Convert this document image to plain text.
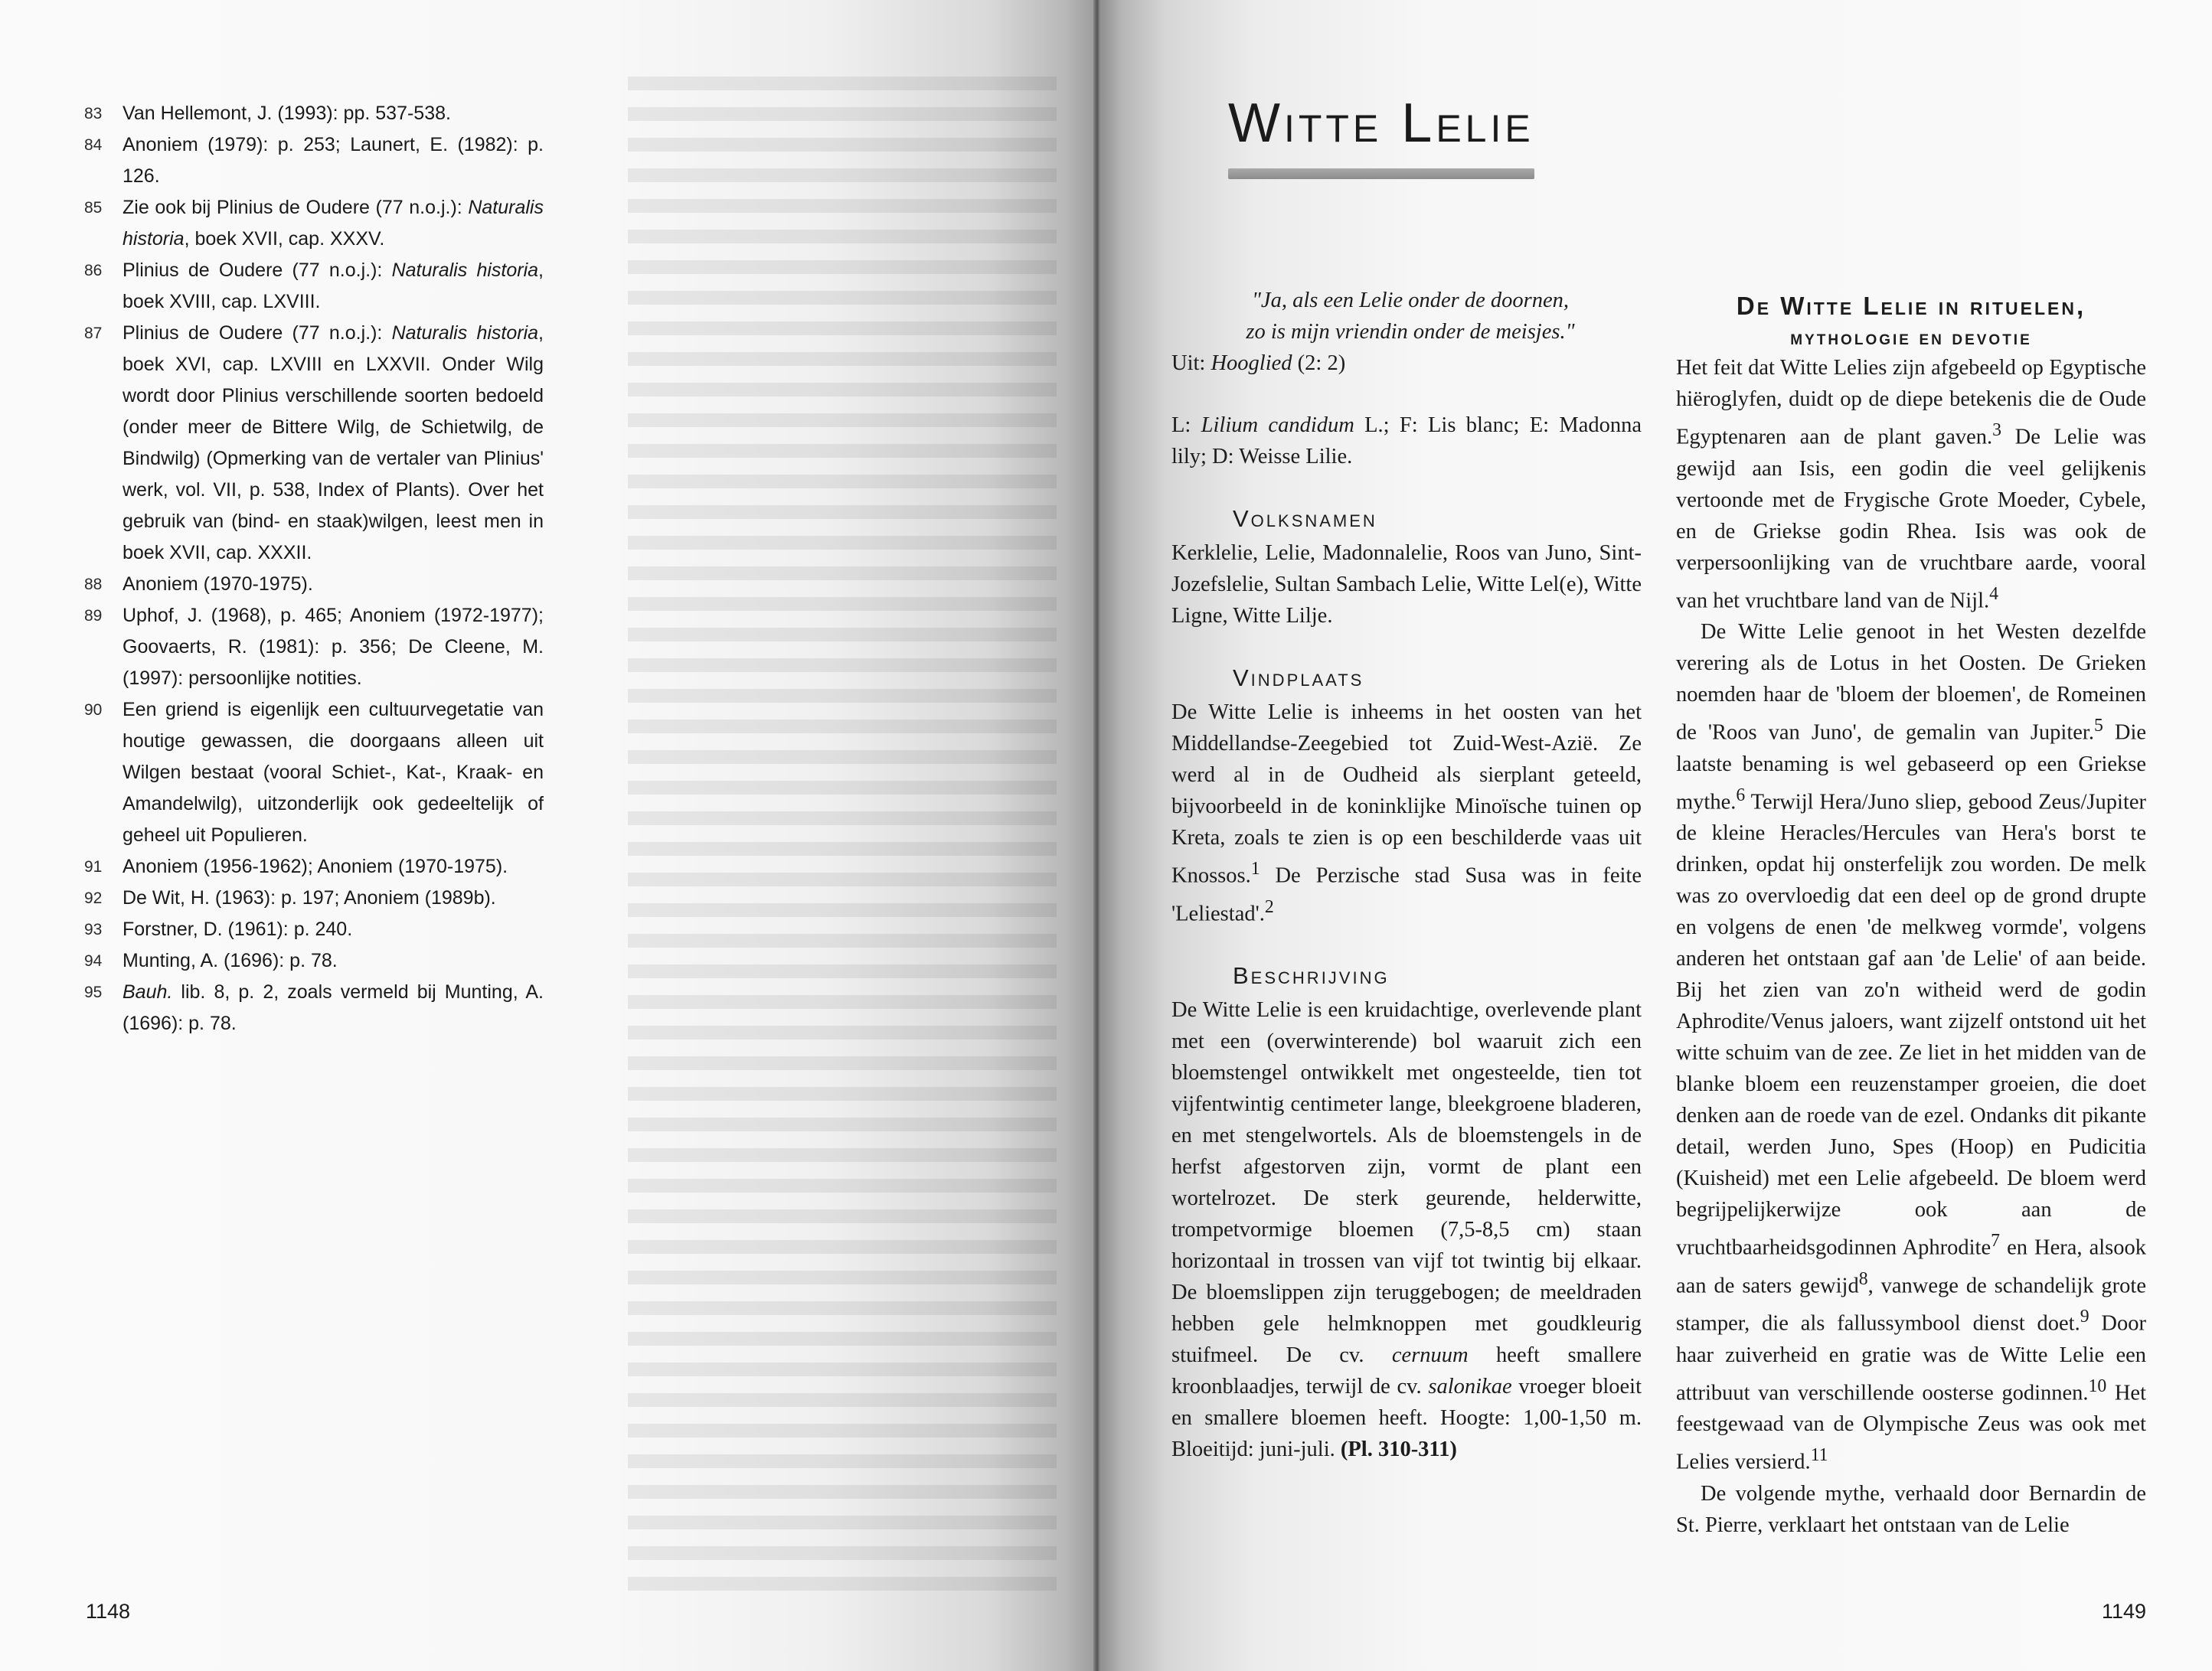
83	Van Hellemont, J. (1993): pp. 537-538.
84	Anoniem (1979): p. 253; Launert, E. (1982): p. 126.
85	Zie ook bij Plinius de Oudere (77 n.o.j.): Naturalis historia, boek XVII, cap. XXXV.
86	Plinius de Oudere (77 n.o.j.): Naturalis historia, boek XVIII, cap. LXVIII.
87	Plinius de Oudere (77 n.o.j.): Naturalis historia, boek XVI, cap. LXVIII en LXXVII. Onder Wilg wordt door Plinius verschillende soorten bedoeld (onder meer de Bittere Wilg, de Schietwilg, de Bindwilg) (Opmerking van de vertaler van Plinius' werk, vol. VII, p. 538, Index of Plants). Over het gebruik van (bind- en staak)wilgen, leest men in boek XVII, cap. XXXII.
88	Anoniem (1970-1975).
89	Uphof, J. (1968), p. 465; Anoniem (1972-1977); Goovaerts, R. (1981): p. 356; De Cleene, M. (1997): persoonlijke notities.
90	Een griend is eigenlijk een cultuurvegetatie van houtige gewassen, die doorgaans alleen uit Wilgen bestaat (vooral Schiet-, Kat-, Kraak- en Amandelwilg), uitzonderlijk ook gedeeltelijk of geheel uit Populieren.
91	Anoniem (1956-1962); Anoniem (1970-1975).
92	De Wit, H. (1963): p. 197; Anoniem (1989b).
93	Forstner, D. (1961): p. 240.
94	Munting, A. (1696): p. 78.
95	Bauh. lib. 8, p. 2, zoals vermeld bij Munting, A. (1696): p. 78.
1148
Witte Lelie

"Ja, als een Lelie onder de doornen,

zo is mijn vriendin onder de meisjes."

Uit: Hooglied (2: 2)

L: Lilium candidum L.; F: Lis blanc; E: Madonna lily; D: Weisse Lilie.

Volksnamen

Kerklelie, Lelie, Madonnalelie, Roos van Juno, Sint-Jozefslelie, Sultan Sambach Lelie, Witte Lel(e), Witte Ligne, Witte Lilje.

Vindplaats

De Witte Lelie is inheems in het oosten van het Middellandse-Zeegebied tot Zuid-West-Azië. Ze werd al in de Oudheid als sierplant geteeld, bijvoorbeeld in de koninklijke Minoïsche tuinen op Kreta, zoals te zien is op een beschilderde vaas uit Knossos.$^1$ De Perzische stad Susa was in feite 'Leliestad'.$^2$

Beschrijving

De Witte Lelie is een kruidachtige, overlevende plant met een (overwinterende) bol waaruit zich een bloemstengel ontwikkelt met ongesteelde, tien tot vijfentwintig centimeter lange, bleekgroene bladeren, en met stengelwortels. Als de bloemstengels in de herfst afgestorven zijn, vormt de plant een wortelrozet. De sterk geurende, helderwitte, trompetvormige bloemen (7,5-8,5 cm) staan horizontaal in trossen van vijf tot twintig bij elkaar. De bloemslippen zijn teruggebogen; de meeldraden hebben gele helmknoppen met goudkleurig stuifmeel. De cv. cernuum heeft smallere kroonblaadjes, terwijl de cv. salonikae vroeger bloeit en smallere bloemen heeft. Hoogte: 1,00-1,50 m. Bloeitijd: juni-juli. (Pl. 310-311)

De Witte Lelie in rituelen,
mythologie en devotie

Het feit dat Witte Lelies zijn afgebeeld op Egyptische hiëroglyfen, duidt op de diepe betekenis die de Oude Egyptenaren aan de plant gaven.$^3$ De Lelie was gewijd aan Isis, een godin die veel gelijkenis vertoonde met de Frygische Grote Moeder, Cybele, en de Griekse godin Rhea. Isis was ook de verpersoonlijking van de vruchtbare aarde, vooral van het vruchtbare land van de Nijl.$^4$

De Witte Lelie genoot in het Westen dezelfde verering als de Lotus in het Oosten. De Grieken noemden haar de 'bloem der bloemen', de Romeinen de 'Roos van Juno', de gemalin van Jupiter.$^5$ Die laatste benaming is wel gebaseerd op een Griekse mythe.$^6$ Terwijl Hera/Juno sliep, gebood Zeus/Jupiter de kleine Heracles/Hercules van Hera's borst te drinken, opdat hij onsterfelijk zou worden. De melk was zo overvloedig dat een deel op de grond drupte en volgens de enen 'de melkweg vormde', volgens anderen het ontstaan gaf aan 'de Lelie' of aan beide. Bij het zien van zo'n witheid werd de godin Aphrodite/Venus jaloers, want zijzelf ontstond uit het witte schuim van de zee. Ze liet in het midden van de blanke bloem een reuzenstamper groeien, die doet denken aan de roede van de ezel. Ondanks dit pikante detail, werden Juno, Spes (Hoop) en Pudicitia (Kuisheid) met een Lelie afgebeeld. De bloem werd begrijpelijkerwijze ook aan de vruchtbaarheidsgodinnen Aphrodite$^7$ en Hera, alsook aan de saters gewijd$^8$, vanwege de schandelijk grote stamper, die als fallussymbool dienst doet.$^9$ Door haar zuiverheid en gratie was de Witte Lelie een attribuut van verschillende oosterse godinnen.$^{10}$ Het feestgewaad van de Olympische Zeus was ook met Lelies versierd.$^{11}$

De volgende mythe, verhaald door Bernardin de St. Pierre, verklaart het ontstaan van de Lelie

1149
